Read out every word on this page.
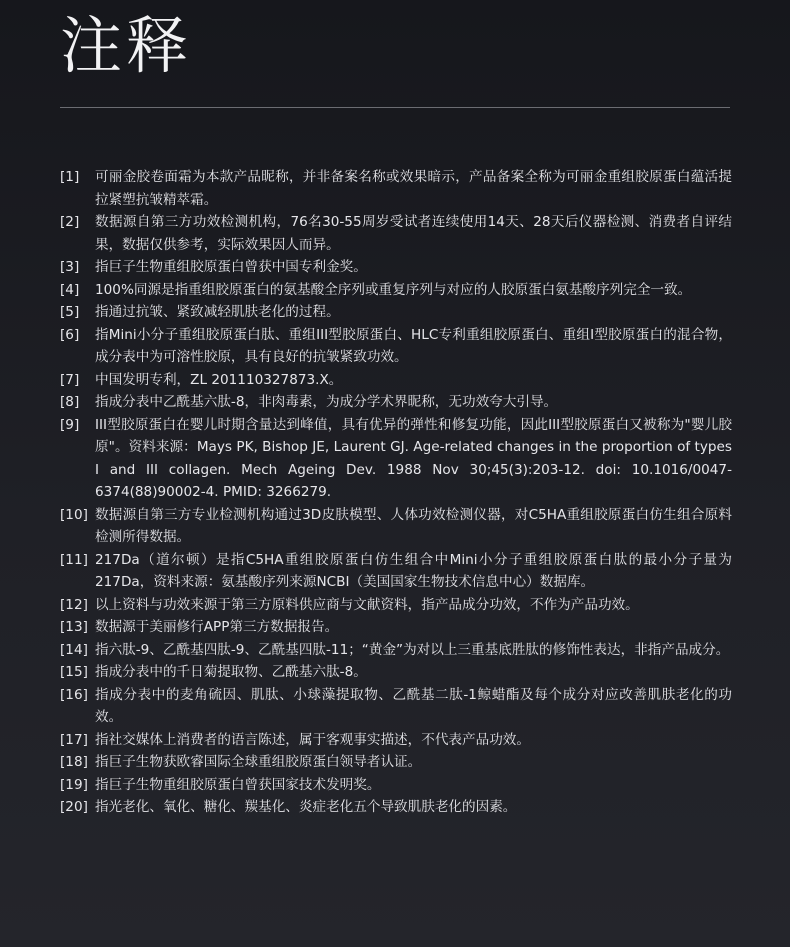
注释
[1]	可丽金胶卷面霜为本款产品昵称，并非备案名称或效果暗示，产品备案全称为可丽金重组胶原蛋白蕴活提拉紧塑抗皱精萃霜。
[2]	数据源自第三方功效检测机构，76名30-55周岁受试者连续使用14天、28天后仪器检测、消费者自评结果，数据仅供参考，实际效果因人而异。
[3]	指巨子生物重组胶原蛋白曾获中国专利金奖。
[4]	100%同源是指重组胶原蛋白的氨基酸全序列或重复序列与对应的人胶原蛋白氨基酸序列完全一致。
[5]	指通过抗皱、紧致减轻肌肤老化的过程。
[6]	指Mini小分子重组胶原蛋白肽、重组III型胶原蛋白、HLC专利重组胶原蛋白、重组I型胶原蛋白的混合物，成分表中为可溶性胶原，具有良好的抗皱紧致功效。
[7]	中国发明专利，ZL 201110327873.X。
[8]	指成分表中乙酰基六肽-8，非肉毒素，为成分学术界昵称，无功效夸大引导。
[9]	III型胶原蛋白在婴儿时期含量达到峰值，具有优异的弹性和修复功能，因此III型胶原蛋白又被称为"婴儿胶原"。资料来源：Mays PK, Bishop JE, Laurent GJ. Age-related changes in the proportion of types I and III collagen. Mech Ageing Dev. 1988 Nov 30;45(3):203-12. doi: 10.1016/0047-6374(88)90002-4. PMID: 3266279.
[10] 数据源自第三方专业检测机构通过3D皮肤模型、人体功效检测仪器，对C5HA重组胶原蛋白仿生组合原料检测所得数据。
[11] 217Da（道尔顿）是指C5HA重组胶原蛋白仿生组合中Mini小分子重组胶原蛋白肽的最小分子量为217Da，资料来源：氨基酸序列来源NCBI（美国国家生物技术信息中心）数据库。
[12] 以上资料与功效来源于第三方原料供应商与文献资料，指产品成分功效，不作为产品功效。
[13] 数据源于美丽修行APP第三方数据报告。
[14] 指六肽-9、乙酰基四肽-9、乙酰基四肽-11；“黄金”为对以上三重基底胜肽的修饰性表达，非指产品成分。
[15] 指成分表中的千日菊提取物、乙酰基六肽-8。
[16] 指成分表中的麦角硫因、肌肽、小球藻提取物、乙酰基二肽-1鲸蜡酯及每个成分对应改善肌肤老化的功效。
[17] 指社交媒体上消费者的语言陈述，属于客观事实描述，不代表产品功效。
[18] 指巨子生物获欧睿国际全球重组胶原蛋白领导者认证。
[19] 指巨子生物重组胶原蛋白曾获国家技术发明奖。
[20] 指光老化、氧化、糖化、羰基化、炎症老化五个导致肌肤老化的因素。
